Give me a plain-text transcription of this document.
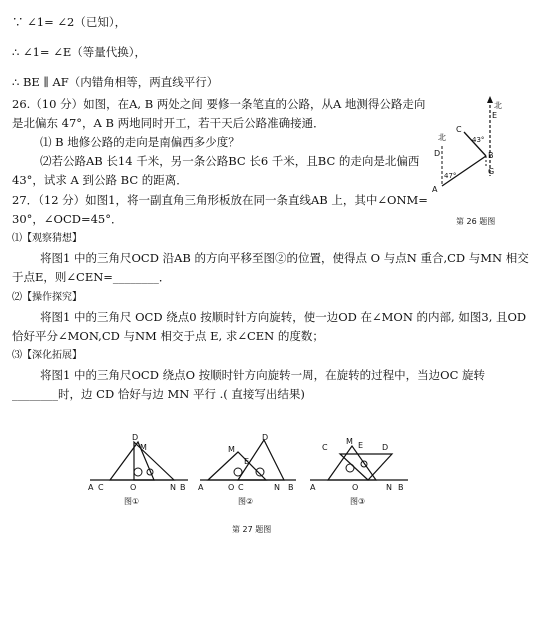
∵ ∠1= ∠2（已知），
∴ ∠1= ∠E（等量代换），
∴ BE ∥ AF（内错角相等，两直线平行）
26.（10 分）如图，在A, B 两处之间 要修一条笔直的公路，从A 地测得公路走向
是北偏东 47°，A B 两地同时开工，若干天后公路准确接通．
⑴ B 地修公路的走向是南偏西多少度？
⑵若公路AB 长14 千米，另一条公路BC 长6 千米，且BC 的走向是北偏西
43°，试求 A 到公路 BC 的距离．
27．（12 分）如图1，将一副直角三角形板放在同一条直线AB 上，其中∠ONM=
30°，∠OCD=45°．
⑴【观察猜想】
将图1 中的三角尺OCD 沿AB 的方向平移至图②的位置，使得点 O 与点N 重合,CD 与MN 相交
于点E，则∠CEN=________．
⑵【操作探究】
将图1 中的三角尺 OCD 绕点0 按顺时针方向旋转，使一边OD 在∠MON 的内部, 如图3, 且OD
恰好平分∠MON,CD 与NM 相交于点 E, 求∠CEN 的度数；
⑶【深化拓展】
将图1 中的三角尺OCD 绕点O 按顺时针方向旋转一周，在旋转的过程中，当边OC 旋转
________时，边 CD 恰好与边 MN 平行 .( 直接写出结果)
北
E
北
D
A
B
C
G
47°
43°
第 26 题图
D
M
A C	O	N B
图①
D
M
E
A	O C	N B
图②
C
M E D
A	O	N B
图③
第 27 题图
